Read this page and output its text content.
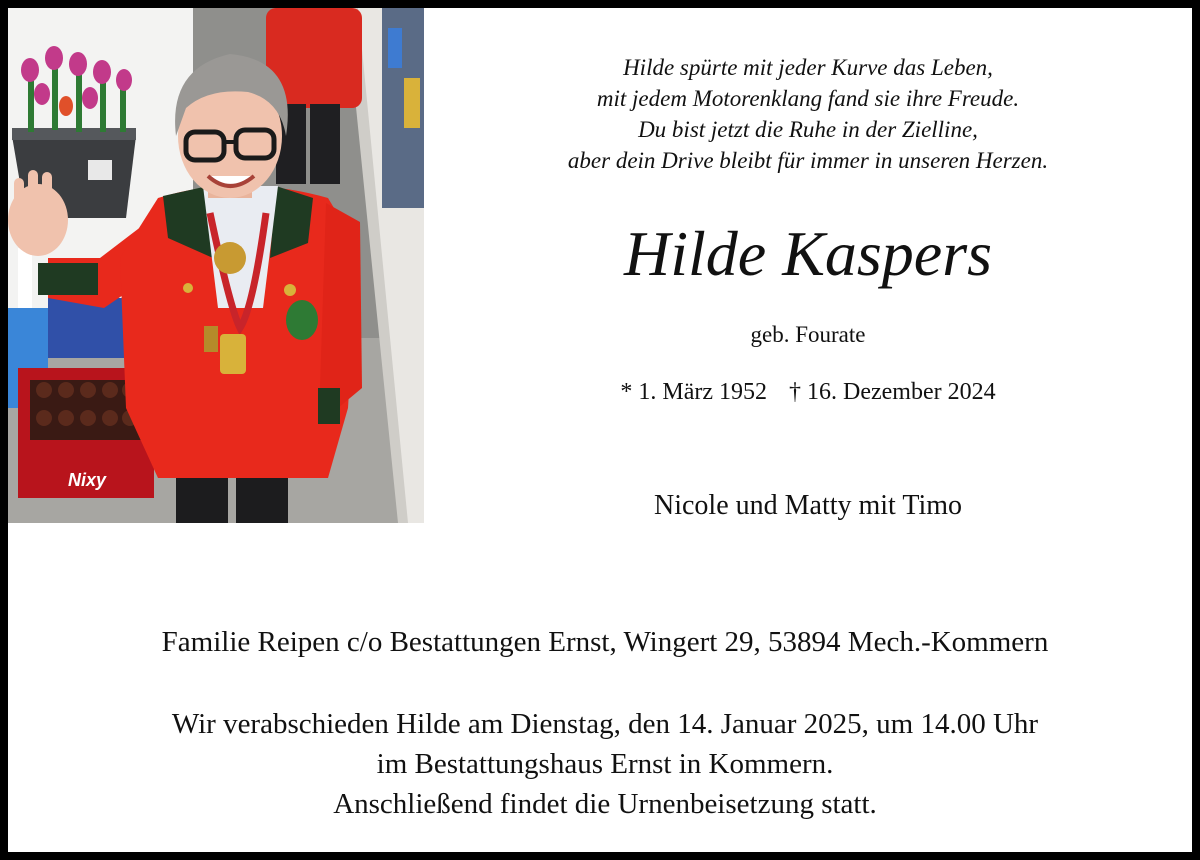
Nixy
Hilde spürte mit jeder Kurve das Leben,
mit jedem Motorenklang fand sie ihre Freude.
Du bist jetzt die Ruhe in der Zielline,
aber dein Drive bleibt für immer in unseren Herzen.
Hilde Kaspers
geb. Fourate
* 1. März 1952 † 16. Dezember 2024
Nicole und Matty mit Timo
Familie Reipen c/o Bestattungen Ernst, Wingert 29, 53894 Mech.-Kommern
Wir verabschieden Hilde am Dienstag, den 14. Januar 2025, um 14.00 Uhr
im Bestattungshaus Ernst in Kommern.
Anschließend findet die Urnenbeisetzung statt.
